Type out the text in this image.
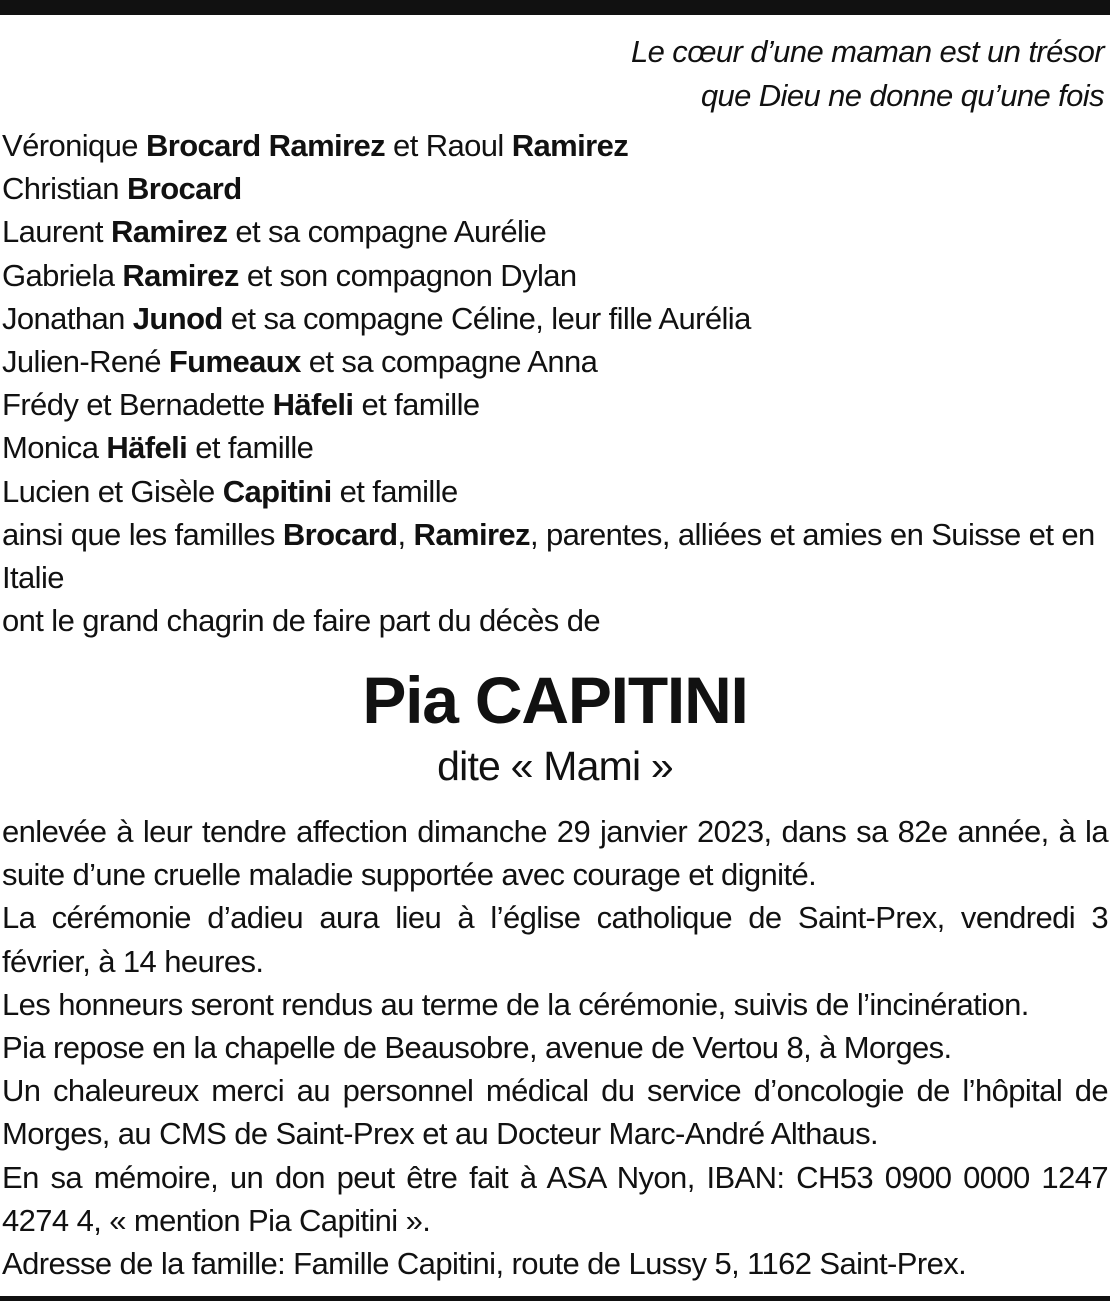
Le cœur d’une maman est un trésor
que Dieu ne donne qu’une fois
Véronique Brocard Ramirez et Raoul Ramirez
Christian Brocard
Laurent Ramirez et sa compagne Aurélie
Gabriela Ramirez et son compagnon Dylan
Jonathan Junod et sa compagne Céline, leur fille Aurélia
Julien-René Fumeaux et sa compagne Anna
Frédy et Bernadette Häfeli et famille
Monica Häfeli et famille
Lucien et Gisèle Capitini et famille
ainsi que les familles Brocard, Ramirez, parentes, alliées et amies en Suisse et en Italie
ont le grand chagrin de faire part du décès de
Pia CAPITINI
dite « Mami »

enlevée à leur tendre affection dimanche 29 janvier 2023, dans sa 82e année, à la suite d’une cruelle maladie supportée avec courage et dignité.

La cérémonie d’adieu aura lieu à l’église catholique de Saint-Prex, vendredi 3 février, à 14 heures.

Les honneurs seront rendus au terme de la cérémonie, suivis de l’incinération.

Pia repose en la chapelle de Beausobre, avenue de Vertou 8, à Morges.

Un chaleureux merci au personnel médical du service d’oncologie de l’hôpital de Morges, au CMS de Saint-Prex et au Docteur Marc-André Althaus.

En sa mémoire, un don peut être fait à ASA Nyon, IBAN: CH53 0900 0000 1247 4274 4, « mention Pia Capitini ».

Adresse de la famille: Famille Capitini, route de Lussy 5, 1162 Saint-Prex.
